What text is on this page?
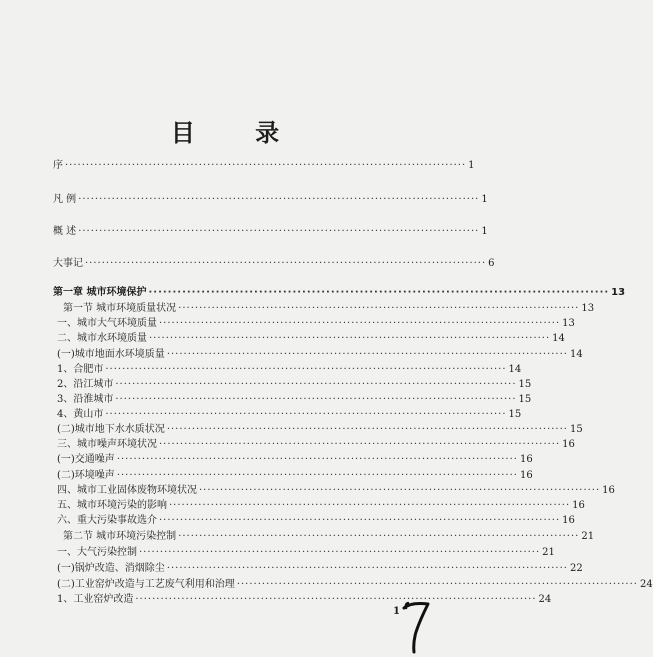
目 录
序 ································································································ 1
凡 例 ································································································ 1
概 述 ································································································ 1
大事记 ································································································ 6
第一章 城市环境保护 ································································································ 13
第一节 城市环境质量状况 ································································································ 13
一、城市大气环境质量 ································································································ 13
二、城市水环境质量 ································································································ 14
(一)城市地面水环境质量 ································································································ 14
1、合肥市 ································································································ 14
2、沿江城市 ································································································ 15
3、沿淮城市 ································································································ 15
4、黄山市 ································································································ 15
(二)城市地下水水质状况 ································································································ 15
三、城市噪声环境状况 ································································································ 16
(一)交通噪声 ································································································ 16
(二)环境噪声 ································································································ 16
四、城市工业固体废物环境状况 ································································································ 16
五、城市环境污染的影响 ································································································ 16
六、重大污染事故选介 ································································································ 16
第二节 城市环境污染控制 ································································································ 21
一、大气污染控制 ································································································ 21
(一)锅炉改造、消烟除尘 ································································································ 22
(二)工业窑炉改造与工艺废气利用和治理 ································································································ 24
1、工业窑炉改造 ································································································ 24
1
